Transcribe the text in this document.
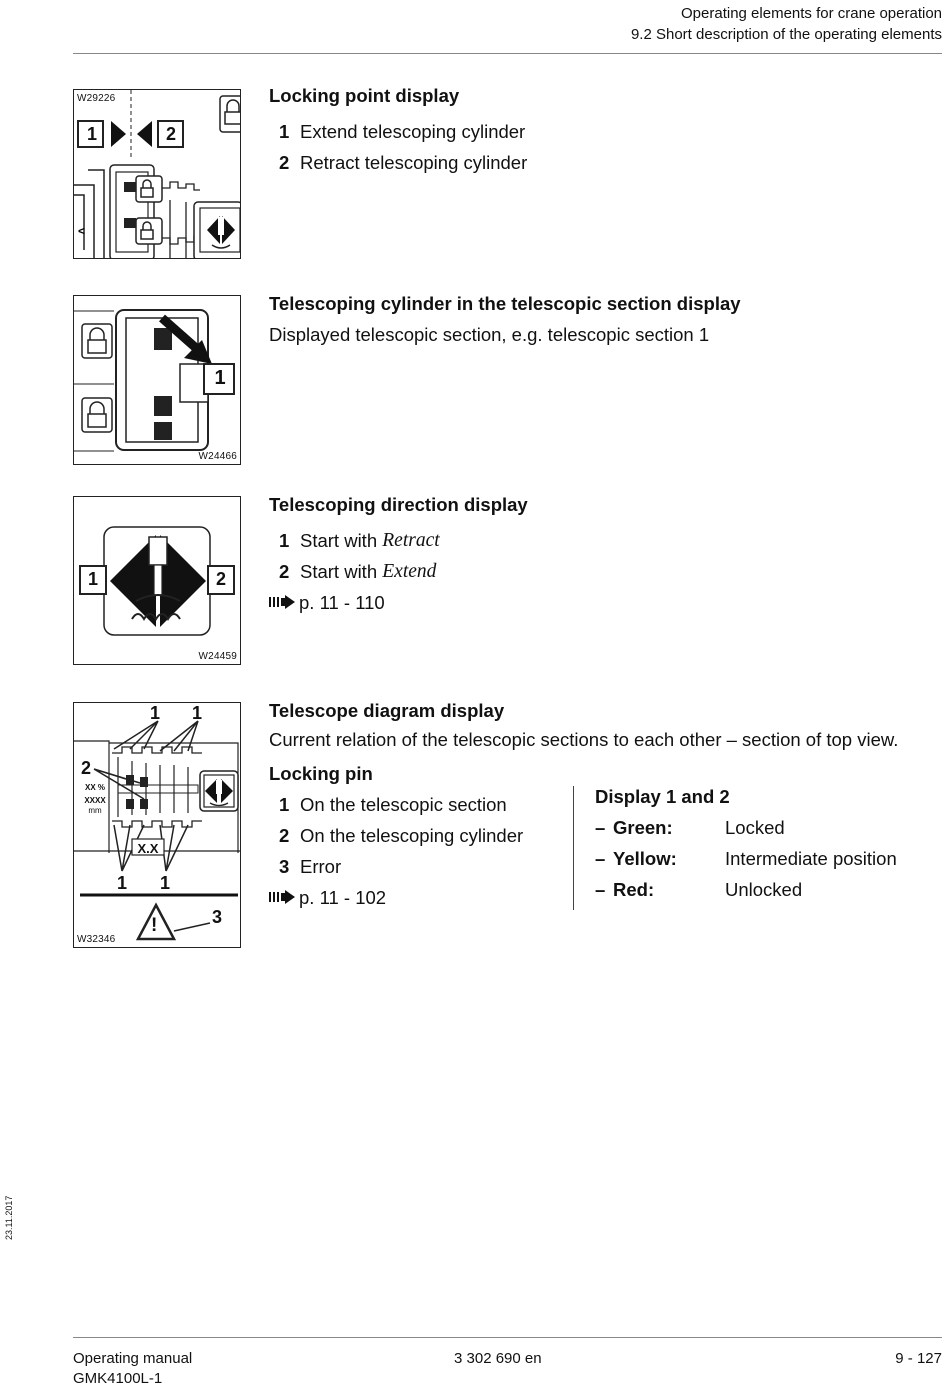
Operating elements for crane operation
9.2 Short description of the operating elements
<
W29226
1	2
Locking point display
1 Extend telescoping cylinder
2 Retract telescoping cylinder
1
W24466
Telescoping cylinder in the telescopic section display
Displayed telescopic section, e.g. telescopic section 1
1	2
W24459
Telescoping direction display
1 Start with
Retract
2 Start with
Extend
p. 11 - 110
1 1
2
XX %
XXXX
mm
X.X
1 1
!	3
W32346
Telescope diagram display
Current relation of the telescopic sections to each other – section of top view.
Locking pin
1 On the telescopic section
2 On the telescoping cylinder
3 Error
p. 11 - 102
Display 1 and 2
– Green:	Locked
– Yellow:	Intermediate position
– Red:	Unlocked
23.11.2017
Operating manual
GMK4100L-1
3 302 690 en	9 - 127
